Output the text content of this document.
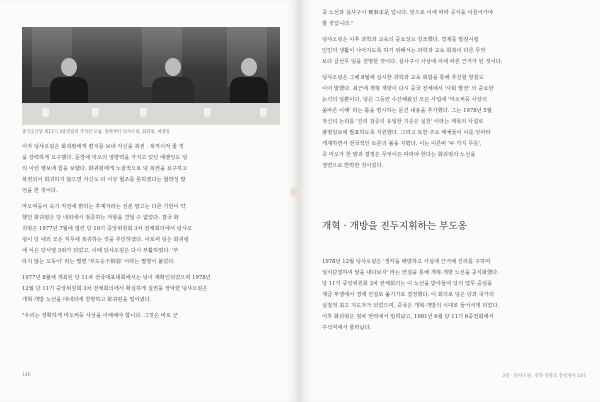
중국공산당 제11기 3중전회의 주석단 모습. 왼쪽부터 덩샤오핑, 화궈펑, 예젠잉

이자 덩샤오핑은 화궈펑에게 편지를 보내 자신을 복권 · 복직시켜 줄 것

을 강력하게 요구했다. 문장에 마오의 영향력을 가지고 있던 예젠잉도 덩

의 이런 행보에 힘을 보탰다. 화궈펑에게 노골적으로 덩 복권을 요구하고

복권되어 회귀하지 않으면 자신도 더 이상 협조를 못하겠다는 협박성 발

언을 한 것이다.

마오쩌둥이 숙기 직전에 밝히는 후계자라는 선분 말고는 다른 기반이 약

했던 화궈펑은 당 내외에서 점증하는 저항을 견딜 수 없었다. 결국 화

귀펑은 1977년 7월에 열린 당 10기 중앙위원회 3차 전체회의에서 덩샤오

핑이 당 내외 모든 직무에 복귀하는 것을 추인하였다. 이로써 덩은 화궈펑

에 이은 당서열 3위가 되었고, 이때 당샤오핑은 다시 부활하였다. '부

타지 않는 오뚝이' 라는 별명 '부도옹不倒翁' 이라는 별명이 붙었다.

1977년 8월에 개최된 당 11차 전국대표대회에서는 덩이 재확인되었으며 1978년

12월 당 11기 중앙위원회 3차 전체회의에서 확실하게 실권을 장악한 덩샤오핑은

개혁·개방 노선을 대내외에 천명하고 화궈펑을 밀어냈다.

"우리는 정확하게 마오쩌둥 사상을 이해해야 합니다. 그것은 바로 군

146

중 노선과 실사구시 實事求是 입니다. 앞으로 이에 따라 공식을 이끌어가야

할 것입니다."

덩샤오핑은 이후 과학과 교육의 중요성도 강조했다. 경제를 발전시킬

인민의 생활이 나아지도록 하기 위해서는 과학과 교육 회복이 다른 무엇

보다 급선무 임을 천명한 것이다. 실사구시 사상에 이에 따른 근거가 된 것이다.

덩샤오핑은 그해 8월에 실시한 과학과 교육 회합을 통해 추진할 방침도

이어 말했다. 최근에 개혁 개방이 다시 중국 전체에서 '사회 발전' 의 중요한

논의의 일환이다. 덩은 그동안 수산해왔던 모든 사업에 '마오쩌둥 사상의

올바른 이해' 라는 틀을 명시하는 문건 내용을 추가했다. 그는 1978년 5월

자신의 논리를 '진리 검증의 유일한 기준은 실천' 이라는 제목의 사설로

광명일보에 발표하도록 지원했다. 그리고 또한 주요 매체들이 이를 잇따라

게재하면서 전국적인 토론의 불을 지폈다. 이는 이른바 '두 가지 무릇',

즉 마오가 한 말과 결정은 무엇이든 따라야 한다는 화궈펑의 노선을

정면으로 반박한 것이었다.

개혁 · 개방을 진두지휘하는 부도옹

1978년 12월 덩샤오핑은 '생각을 해방하고 사실에 근거해 진리를 구하며

일치단결하여 앞을 내다보자' 라는 연설을 통해 개혁·개방 노선을 공식화했다.

당 11기 중앙위원회 3차 전체회의는 이 노선을 받아들여 당의 업무 중심을

계급 투쟁에서 경제 건설로 옮기기로 결정했다. 이 회의로 덩은 당과 국가의

실질적 최고 지도자가 되었으며, 중국은 개혁·개방의 시대로 들어서게 되었다.

이후 화궈펑은 점차 권력에서 밀려났고, 1981년 6월 당 11기 6중전회에서

주석직에서 물러났다.

3장 · 덩샤오핑: 개혁·개방의 총설계사 147
